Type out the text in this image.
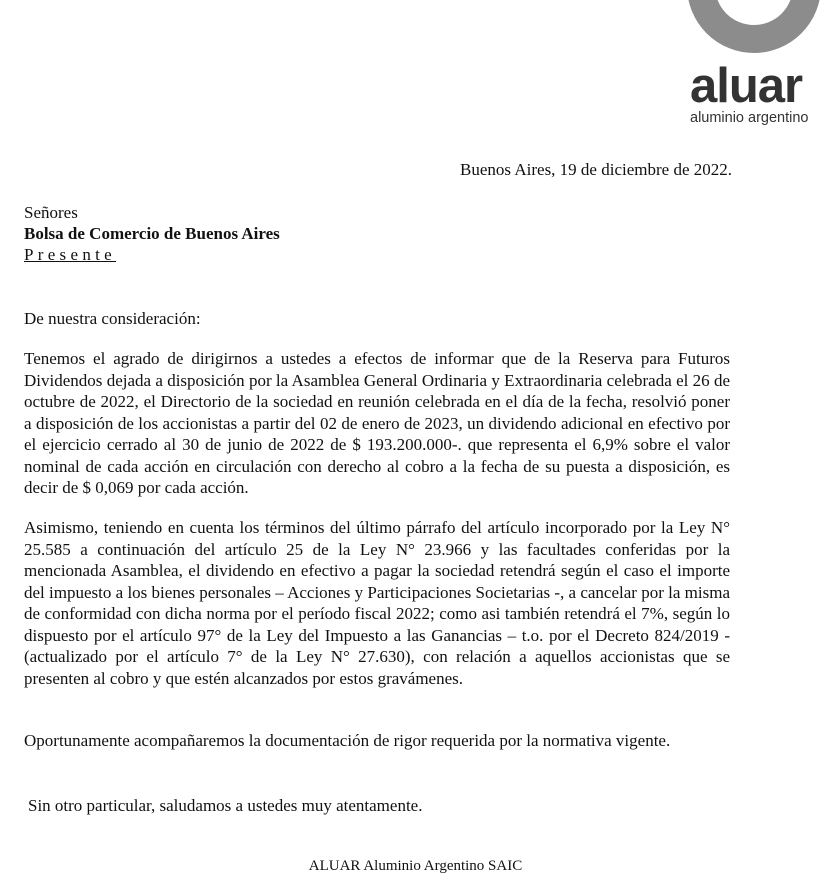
aluar
aluminio argentino
Buenos Aires, 19 de diciembre de 2022.
Señores
Bolsa de Comercio de Buenos Aires
Presente
De nuestra consideración:
Tenemos el agrado de dirigirnos a ustedes a efectos de informar que de la Reserva para Futuros Dividendos dejada a disposición por la Asamblea General Ordinaria y Extraordinaria celebrada el 26 de octubre de 2022, el Directorio de la sociedad en reunión celebrada en el día de la fecha, resolvió poner a disposición de los accionistas a partir del 02 de enero de 2023, un dividendo adicional en efectivo por el ejercicio cerrado al 30 de junio de 2022 de $ 193.200.000-. que representa el 6,9% sobre el valor nominal de cada acción en circulación con derecho al cobro a la fecha de su puesta a disposición, es decir de $ 0,069 por cada acción.
Asimismo, teniendo en cuenta los términos del último párrafo del artículo incorporado por la Ley N° 25.585 a continuación del artículo 25 de la Ley N° 23.966 y las facultades conferidas por la mencionada Asamblea, el dividendo en efectivo a pagar la sociedad retendrá según el caso el importe del impuesto a los bienes personales – Acciones y Participaciones Societarias -, a cancelar por la misma de conformidad con dicha norma por el período fiscal 2022; como asi también retendrá el 7%, según lo dispuesto por el artículo 97° de la Ley del Impuesto a las Ganancias – t.o. por el Decreto 824/2019 - (actualizado por el artículo 7° de la Ley N° 27.630), con relación a aquellos accionistas que se presenten al cobro y que estén alcanzados por estos gravámenes.
Oportunamente acompañaremos la documentación de rigor requerida por la normativa vigente.
Sin otro particular, saludamos a ustedes muy atentamente.
ALUAR Aluminio Argentino SAIC
